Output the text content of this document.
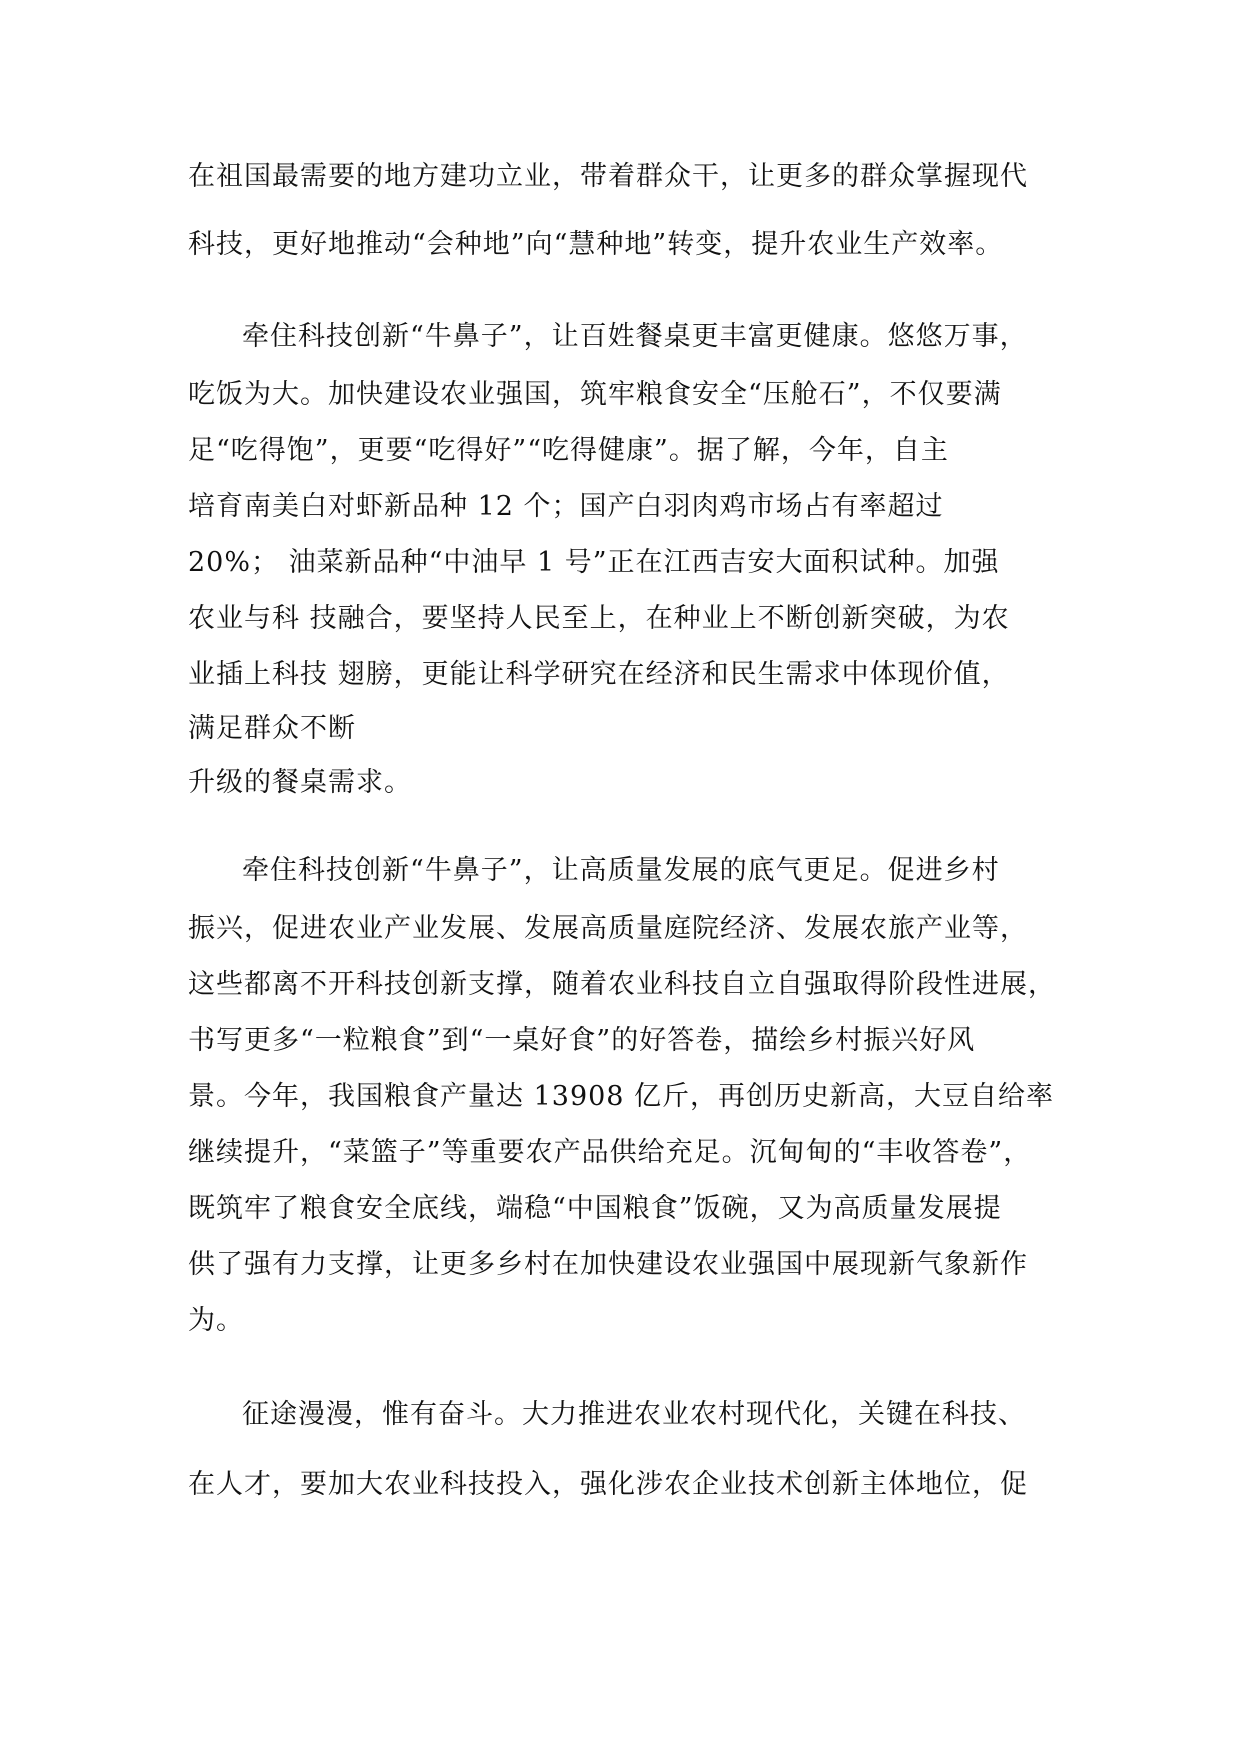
在祖国最需要的地方建功立业，带着群众干，让更多的群众掌握现代
科技，更好地推动“会种地”向“慧种地”转变，提升农业生产效率。
牵住科技创新“牛鼻子”，让百姓餐桌更丰富更健康。悠悠万事，
吃饭为大。加快建设农业强国，筑牢粮食安全“压舱石”，不仅要满
足“吃得饱”，更要“吃得好”“吃得健康”。据了解，今年，自主
培育南美白对虾新品种 12 个；国产白羽肉鸡市场占有率超过
20%； 油菜新品种“中油早 1 号”正在江西吉安大面积试种。加强
农业与科 技融合，要坚持人民至上，在种业上不断创新突破，为农
业插上科技 翅膀，更能让科学研究在经济和民生需求中体现价值，
满足群众不断
升级的餐桌需求。
牵住科技创新“牛鼻子”，让高质量发展的底气更足。促进乡村
振兴，促进农业产业发展、发展高质量庭院经济、发展农旅产业等，
这些都离不开科技创新支撑，随着农业科技自立自强取得阶段性进展，
书写更多“一粒粮食”到“一桌好食”的好答卷，描绘乡村振兴好风
景。今年，我国粮食产量达 13908 亿斤，再创历史新高，大豆自给率
继续提升，“菜篮子”等重要农产品供给充足。沉甸甸的“丰收答卷”，
既筑牢了粮食安全底线，端稳“中国粮食”饭碗，又为高质量发展提
供了强有力支撑，让更多乡村在加快建设农业强国中展现新气象新作
为。
征途漫漫，惟有奋斗。大力推进农业农村现代化，关键在科技、
在人才，要加大农业科技投入，强化涉农企业技术创新主体地位，促
